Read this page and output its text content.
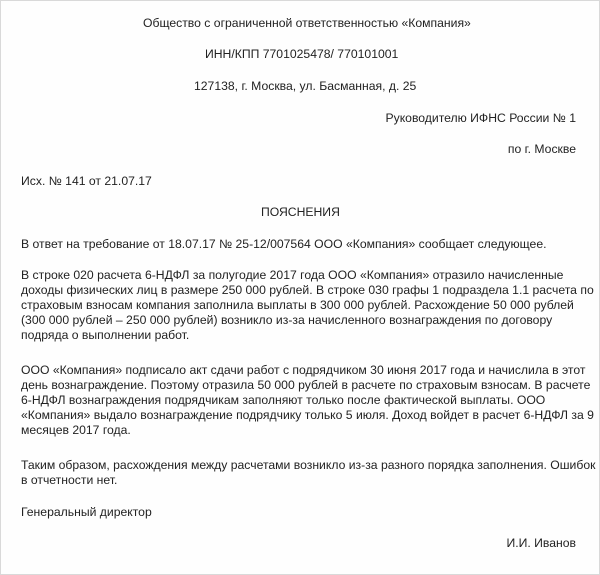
Общество с ограниченной ответственностью «Компания»
ИНН/КПП 7701025478/ 770101001
127138, г. Москва, ул. Басманная, д. 25
Руководителю ИФНС России № 1
по г. Москве
Исх. № 141 от 21.07.17
ПОЯСНЕНИЯ
В ответ на требование от 18.07.17 № 25-12/007564 ООО «Компания» сообщает следующее.
В строке 020 расчета 6-НДФЛ за полугодие 2017 года ООО «Компания» отразило начисленные
доходы физических лиц в размере 250 000 рублей. В строке 030 графы 1 подраздела 1.1 расчета по
страховым взносам компания заполнила выплаты в 300 000 рублей. Расхождение 50 000 рублей
(300 000 рублей – 250 000 рублей) возникло из-за начисленного вознаграждения по договору
подряда о выполнении работ.
ООО «Компания» подписало акт сдачи работ с подрядчиком 30 июня 2017 года и начислила в этот
день вознаграждение. Поэтому отразила 50 000 рублей в расчете по страховым взносам. В расчете
6-НДФЛ вознаграждения подрядчикам заполняют только после фактической выплаты. ООО
«Компания» выдало вознаграждение подрядчику только 5 июля. Доход войдет в расчет 6-НДФЛ за 9
месяцев 2017 года.
Таким образом, расхождения между расчетами возникло из-за разного порядка заполнения. Ошибок
в отчетности нет.
Генеральный директор
И.И. Иванов
